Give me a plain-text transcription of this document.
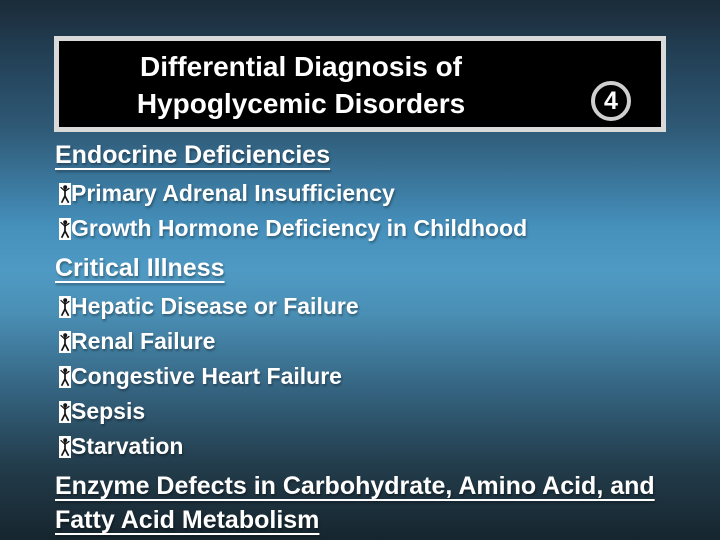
Differential Diagnosis of
Hypoglycemic Disorders	4
Endocrine Deficiencies
Primary Adrenal Insufficiency
Growth Hormone Deficiency in Childhood
Critical Illness
Hepatic Disease or Failure
Renal Failure
Congestive Heart Failure
Sepsis
Starvation
Enzyme Defects in Carbohydrate, Amino Acid, and Fatty Acid Metabolism
